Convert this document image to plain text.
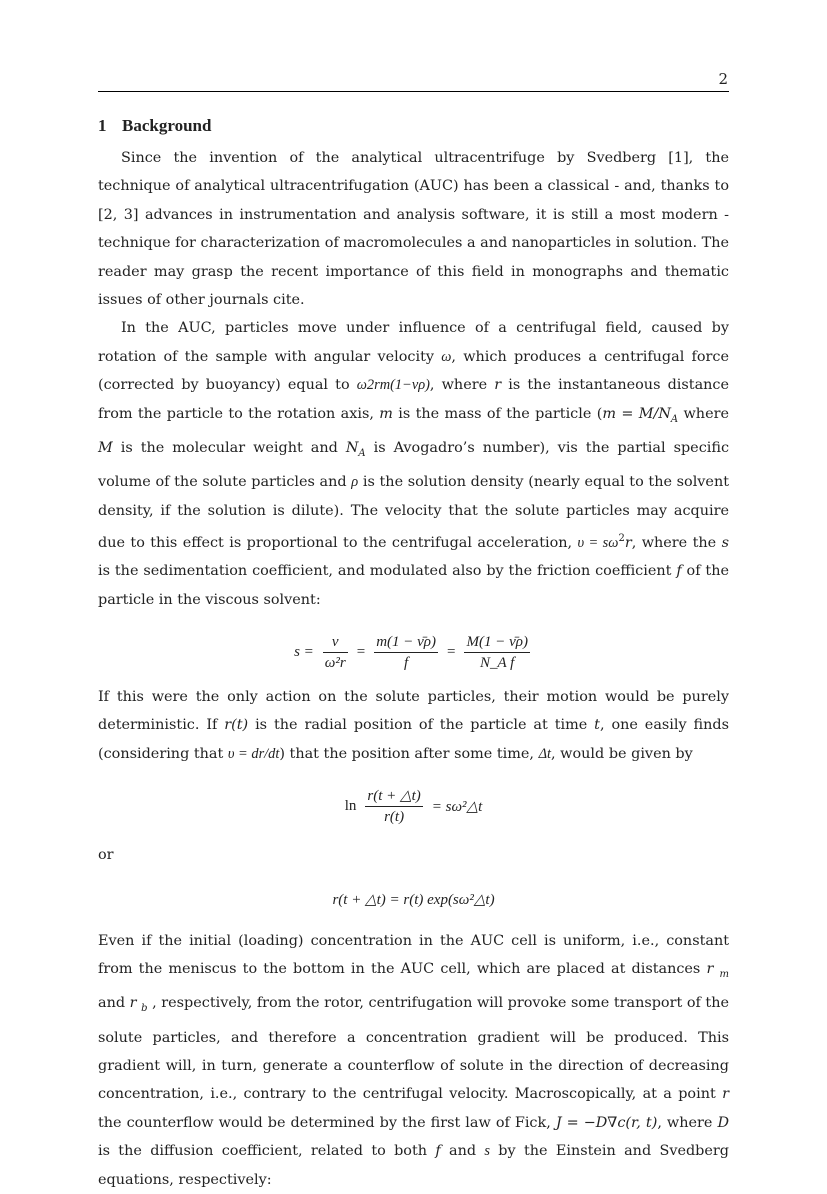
2
1 Background

Since the invention of the analytical ultracentrifuge by Svedberg [1], the technique of analytical ultracentrifugation (AUC) has been a classical - and, thanks to [2, 3] advances in instrumentation and analysis software, it is still a most modern - technique for characterization of macromolecules a and nanoparticles in solution. The reader may grasp the recent importance of this field in monographs and thematic issues of other journals cite.

In the AUC, particles move under influence of a centrifugal field, caused by rotation of the sample with angular velocity ω, which produces a centrifugal force (corrected by buoyancy) equal to ω2rm(1−vρ), where r is the instantaneous distance from the particle to the rotation axis, m is the mass of the particle ($m = M/N_A$ where M is the molecular weight and $N_A$ is Avogadro’s number), vis the partial specific volume of the solute particles and ρ is the solution density (nearly equal to the solvent density, if the solution is dilute). The velocity that the solute particles may acquire due to this effect is proportional to the centrifugal acceleration, $\upsilon = s\omega^2r$, where the s is the sedimentation coefficient, and modulated also by the friction coefficient f of the particle in the viscous solvent:

$s = \frac{\nu}{\text{ω²r}} = \frac{m(1 - \nū\rho)}{f} = \frac{M(1 - \nū\rho)}{\text{N\_A f}}$

If this were the only action on the solute particles, their motion would be purely deterministic. If r(t) is the radial position of the particle at time t, one easily finds (considering that υ = dr/dt) that the position after some time, Δt, would be given by

$\ln \frac{r(t + \triangle t)}{r(t)}$ = sω²△t

or

r(t + △t) = r(t) exp(sω²△t)

Even if the initial (loading) concentration in the AUC cell is uniform, i.e., constant from the meniscus to the bottom in the AUC cell, which are placed at distances r $_m$ and r $_b$ , respectively, from the rotor, centrifugation will provoke some transport of the solute particles, and therefore a concentration gradient will be produced. This gradient will, in turn, generate a counterflow of solute in the direction of decreasing concentration, i.e., contrary to the centrifugal velocity. Macroscopically, at a point r the counterflow would be determined by the first law of Fick, J = −D∇c(r, t), where D is the diffusion coefficient, related to both f and s by the Einstein and Svedberg equations, respectively:
